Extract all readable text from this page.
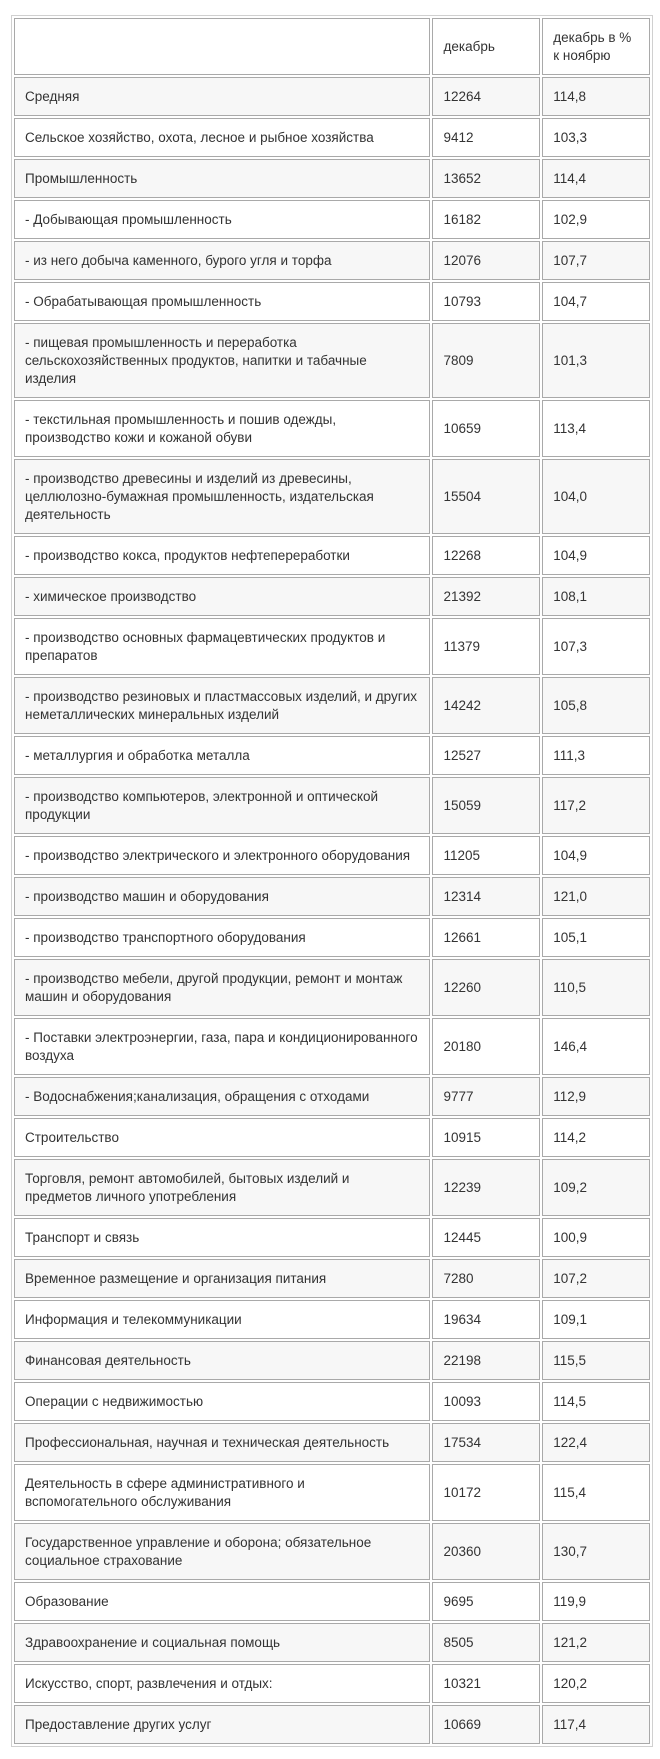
	декабрь	декабрь в % к ноябрю
Средняя	12264	114,8
Сельское хозяйство, охота, лесное и рыбное хозяйства	9412	103,3
Промышленность	13652	114,4
- Добывающая промышленность	16182	102,9
- из него добыча каменного, бурого угля и торфа	12076	107,7
- Обрабатывающая промышленность	10793	104,7
- пищевая промышленность и переработка сельскохозяйственных продуктов, напитки и табачные изделия	7809	101,3
- текстильная промышленность и пошив одежды, производство кожи и кожаной обуви	10659	113,4
- производство древесины и изделий из древесины, целлюлозно-бумажная промышленность, издательская деятельность	15504	104,0
- производство кокса, продуктов нефтепереработки	12268	104,9
- химическое производство	21392	108,1
- производство основных фармацевтических продуктов и препаратов	11379	107,3
- производство резиновых и пластмассовых изделий, и других неметаллических минеральных изделий	14242	105,8
- металлургия и обработка металла	12527	111,3
- производство компьютеров, электронной и оптической продукции	15059	117,2
- производство электрического и электронного оборудования	11205	104,9
- производство машин и оборудования	12314	121,0
- производство транспортного оборудования	12661	105,1
- производство мебели, другой продукции, ремонт и монтаж машин и оборудования	12260	110,5
- Поставки электроэнергии, газа, пара и кондиционированного воздуха	20180	146,4
- Водоснабжения;канализация, обращения с отходами	9777	112,9
Строительство	10915	114,2
Торговля, ремонт автомобилей, бытовых изделий и предметов личного употребления	12239	109,2
Транспорт и связь	12445	100,9
Временное размещение и организация питания	7280	107,2
Информация и телекоммуникации	19634	109,1
Финансовая деятельность	22198	115,5
Операции с недвижимостью	10093	114,5
Профессиональная, научная и техническая деятельность	17534	122,4
Деятельность в сфере административного и вспомогательного обслуживания	10172	115,4
Государственное управление и оборона; обязательное социальное страхование	20360	130,7
Образование	9695	119,9
Здравоохранение и социальная помощь	8505	121,2
Искусство, спорт, развлечения и отдых:	10321	120,2
Предоставление других услуг	10669	117,4
